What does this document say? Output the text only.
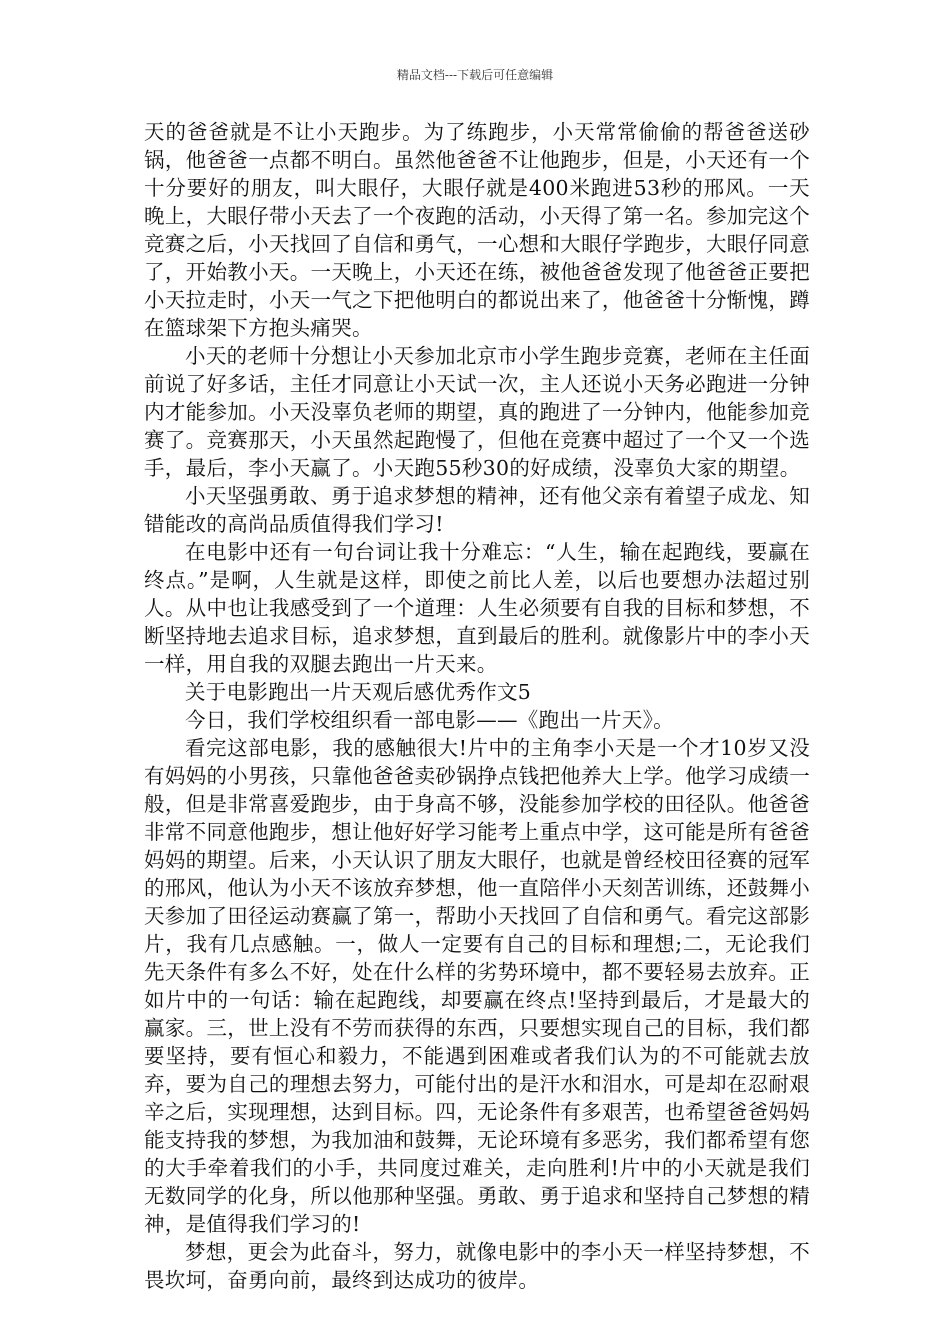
精品文档---下载后可任意编辑

天的爸爸就是不让小天跑步。为了练跑步，小天常常偷偷的帮爸爸送砂锅，他爸爸一点都不明白。虽然他爸爸不让他跑步，但是，小天还有一个十分要好的朋友，叫大眼仔，大眼仔就是400米跑进53秒的邢风。一天晚上，大眼仔带小天去了一个夜跑的活动，小天得了第一名。参加完这个竞赛之后，小天找回了自信和勇气，一心想和大眼仔学跑步，大眼仔同意了，开始教小天。一天晚上，小天还在练，被他爸爸发现了他爸爸正要把小天拉走时，小天一气之下把他明白的都说出来了，他爸爸十分惭愧，蹲在篮球架下方抱头痛哭。

小天的老师十分想让小天参加北京市小学生跑步竞赛，老师在主任面前说了好多话，主任才同意让小天试一次，主人还说小天务必跑进一分钟内才能参加。小天没辜负老师的期望，真的跑进了一分钟内，他能参加竞赛了。竞赛那天，小天虽然起跑慢了，但他在竞赛中超过了一个又一个选手，最后，李小天赢了。小天跑55秒30的好成绩，没辜负大家的期望。

小天坚强勇敢、勇于追求梦想的精神，还有他父亲有着望子成龙、知错能改的高尚品质值得我们学习!

在电影中还有一句台词让我十分难忘：“人生，输在起跑线，要赢在终点。”是啊，人生就是这样，即使之前比人差，以后也要想办法超过别人。从中也让我感受到了一个道理：人生必须要有自我的目标和梦想，不断坚持地去追求目标，追求梦想，直到最后的胜利。就像影片中的李小天一样，用自我的双腿去跑出一片天来。

关于电影跑出一片天观后感优秀作文5

今日，我们学校组织看一部电影——《跑出一片天》。

看完这部电影，我的感触很大!片中的主角李小天是一个才10岁又没有妈妈的小男孩，只靠他爸爸卖砂锅挣点钱把他养大上学。他学习成绩一般，但是非常喜爱跑步，由于身高不够，没能参加学校的田径队。他爸爸非常不同意他跑步，想让他好好学习能考上重点中学，这可能是所有爸爸妈妈的期望。后来，小天认识了朋友大眼仔，也就是曾经校田径赛的冠军的邢风，他认为小天不该放弃梦想，他一直陪伴小天刻苦训练，还鼓舞小天参加了田径运动赛赢了第一，帮助小天找回了自信和勇气。看完这部影片，我有几点感触。一，做人一定要有自己的目标和理想;二，无论我们先天条件有多么不好，处在什么样的劣势环境中，都不要轻易去放弃。正如片中的一句话：输在起跑线，却要赢在终点!坚持到最后，才是最大的赢家。三，世上没有不劳而获得的东西，只要想实现自己的目标，我们都要坚持，要有恒心和毅力，不能遇到困难或者我们认为的不可能就去放弃，要为自己的理想去努力，可能付出的是汗水和泪水，可是却在忍耐艰辛之后，实现理想，达到目标。四，无论条件有多艰苦，也希望爸爸妈妈能支持我的梦想，为我加油和鼓舞，无论环境有多恶劣，我们都希望有您的大手牵着我们的小手，共同度过难关，走向胜利!片中的小天就是我们无数同学的化身，所以他那种坚强。勇敢、勇于追求和坚持自己梦想的精神，是值得我们学习的!

梦想，更会为此奋斗，努力，就像电影中的李小天一样坚持梦想，不畏坎坷，奋勇向前，最终到达成功的彼岸。
